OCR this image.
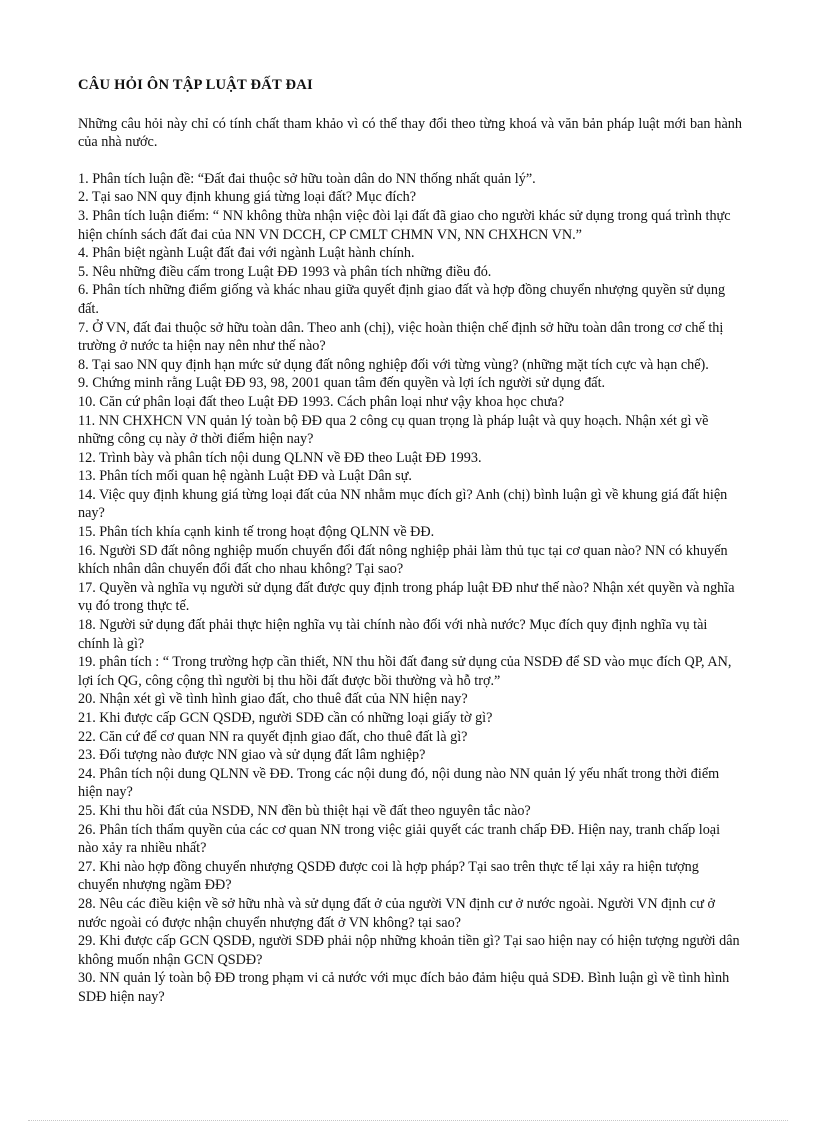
CÂU HỎI ÔN TẬP LUẬT ĐẤT ĐAI
Những câu hỏi này chỉ có tính chất tham khảo vì có thể thay đổi theo từng khoá và văn bản pháp luật mới ban hành của nhà nước.
1. Phân tích luận đề: “Đất đai thuộc sở hữu toàn dân do NN thống nhất quản lý”.
2. Tại sao NN quy định khung giá từng loại đất? Mục đích?
3. Phân tích luận điểm: “ NN không thừa nhận việc đòi lại đất đã giao cho người khác sử dụng trong quá trình thực hiện chính sách đất đai của NN VN DCCH, CP CMLT CHMN VN, NN CHXHCN VN.”
4. Phân biệt ngành Luật đất đai với ngành Luật hành chính.
5. Nêu những điều cấm trong Luật ĐĐ 1993 và phân tích những điều đó.
6. Phân tích những điểm giống và khác nhau giữa quyết định giao đất và hợp đồng chuyển nhượng quyền sử dụng đất.
7. Ở VN, đất đai thuộc sở hữu toàn dân. Theo anh (chị), việc hoàn thiện chế định sở hữu toàn dân trong cơ chế thị trường ở nước ta hiện nay nên như thế nào?
8. Tại sao NN quy định hạn mức sử dụng đất nông nghiệp đối với từng vùng? (những mặt tích cực và hạn chế).
9. Chứng minh rằng Luật ĐĐ 93, 98, 2001 quan tâm đến quyền và lợi ích người sử dụng đất.
10. Căn cứ phân loại đất theo Luật ĐĐ 1993. Cách phân loại như vậy khoa học chưa?
11. NN CHXHCN VN quản lý toàn bộ ĐĐ qua 2 công cụ quan trọng là pháp luật và quy hoạch. Nhận xét gì về những công cụ này ở thời điểm hiện nay?
12. Trình bày và phân tích nội dung QLNN về ĐĐ theo Luật ĐĐ 1993.
13. Phân tích mối quan hệ ngành Luật ĐĐ và Luật Dân sự.
14. Việc quy định khung giá từng loại đất của NN nhằm mục đích gì? Anh (chị) bình luận gì về khung giá đất hiện nay?
15. Phân tích khía cạnh kinh tế trong hoạt động QLNN về ĐĐ.
16. Người SD đất nông nghiệp muốn chuyển đổi đất nông nghiệp phải làm thủ tục tại cơ quan nào? NN có khuyến khích nhân dân chuyển đổi đất cho nhau không? Tại sao?
17. Quyền và nghĩa vụ người sử dụng đất được quy định trong pháp luật ĐĐ như thế nào? Nhận xét quyền và nghĩa vụ đó trong thực tế.
18. Người sử dụng đất phải thực hiện nghĩa vụ tài chính nào đối với nhà nước? Mục đích quy định nghĩa vụ tài chính là gì?
19. phân tích : “ Trong trường hợp cần thiết, NN thu hồi đất đang sử dụng của NSDĐ để SD vào mục đích QP, AN, lợi ích QG, công cộng thì người bị thu hồi đất được bồi thường và hỗ trợ.”
20. Nhận xét gì về tình hình giao đất, cho thuê đất của NN hiện nay?
21. Khi được cấp GCN QSDĐ, người SDĐ cần có những loại giấy tờ gì?
22. Căn cứ để cơ quan NN ra quyết định giao đất, cho thuê đất là gì?
23. Đối tượng nào được NN giao và sử dụng đất lâm nghiệp?
24. Phân tích nội dung QLNN về ĐĐ. Trong các nội dung đó, nội dung nào NN quản lý yếu nhất trong thời điểm hiện nay?
25. Khi thu hồi đất của NSDĐ, NN đền bù thiệt hại về đất theo nguyên tắc nào?
26. Phân tích thẩm quyền của các cơ quan NN trong việc giải quyết các tranh chấp ĐĐ. Hiện nay, tranh chấp loại nào xảy ra nhiều nhất?
27. Khi nào hợp đồng chuyển nhượng QSDĐ được coi là hợp pháp? Tại sao trên thực tế lại xảy ra hiện tượng chuyển nhượng ngầm ĐĐ?
28. Nêu các điều kiện về sở hữu nhà và sử dụng đất ở của người VN định cư ở nước ngoài. Người VN định cư ở nước ngoài có được nhận chuyển nhượng đất ở VN không? tại sao?
29. Khi được cấp GCN QSDĐ, người SDĐ phải nộp những khoản tiền gì? Tại sao hiện nay có hiện tượng người dân không muốn nhận GCN QSDĐ?
30. NN quản lý toàn bộ ĐĐ trong phạm vi cả nước với mục đích bảo đảm hiệu quả SDĐ. Bình luận gì về tình hình SDĐ hiện nay?
